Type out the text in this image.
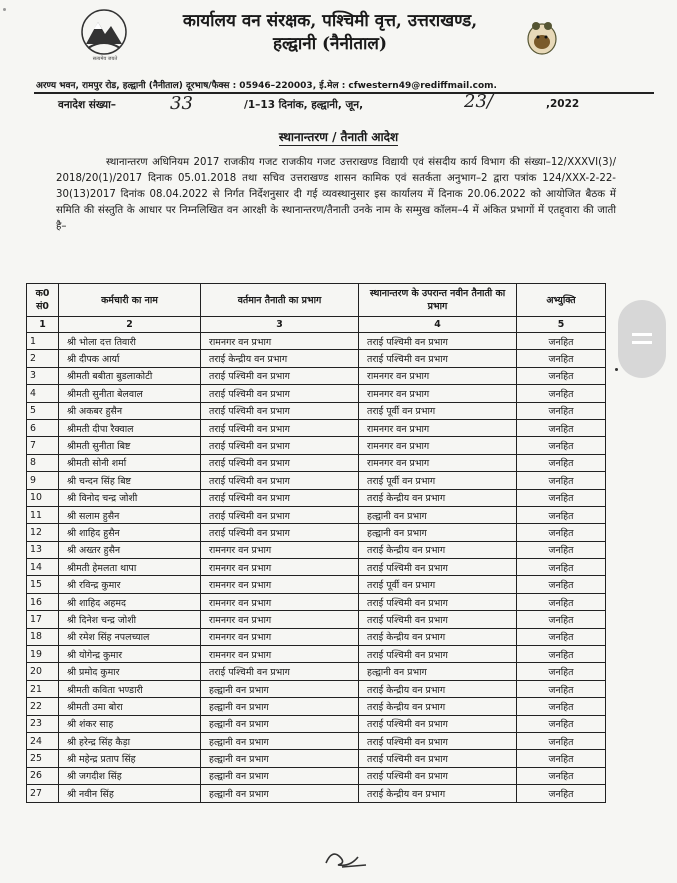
सत्यमेव जयते
कार्यालय वन संरक्षक, पश्चिमी वृत्त, उत्तराखण्ड,
हल्द्वानी (नैनीताल)
अरण्य भवन, रामपुर रोड, हल्द्वानी (नैनीताल) दूरभाष/फैक्स : 05946–220003, ई.मेल : cfwestern49@rediffmail.com.
वनादेश संख्या–	33	/1–13 दिनांक, हल्द्वानी, जून,	23/	,2022
स्थानान्तरण / तैनाती आदेश

स्थानान्तरण अधिनियम 2017 राजकीय गजट राजकीय गजट उत्तराखण्ड विद्यायी एवं संसदीय कार्य विभाग की संख्या–12/XXXVI(3)/ 2018/20(1)/2017 दिनाक 05.01.2018 तथा सचिव उत्तराखण्ड शासन कामिक एवं सतर्कता अनुभाग–2 द्वारा पत्रांक 124/XXX-2-22-30(13)2017 दिनांक 08.04.2022 से निर्गत निर्देशनुसार दी गई व्यवस्थानुसार इस कार्यालय में दिनाक 20.06.2022 को आयोजित बैठक में समिति की संस्तुति के आधार पर निम्नलिखित वन आरक्षी के स्थानान्तरण/तैनाती उनके नाम के सम्मुख कॉलम–4 में अंकित प्रभागों में एतद्द्वारा की जाती है–

क0 सं0	कर्मचारी का नाम	वर्तमान तैनाती का प्रभाग	स्थानान्तरण के उपरान्त नवीन तैनाती का प्रभाग	अभ्युक्ति
1	2	3	4	5
1	श्री भोला दत्त तिवारी	रामनगर वन प्रभाग	तराई पश्चिमी वन प्रभाग	जनहित
2	श्री दीपक आर्या	तराई केन्द्रीय वन प्रभाग	तराई पश्चिमी वन प्रभाग	जनहित
3	श्रीमती बबीता बुडलाकोटी	तराई पश्चिमी वन प्रभाग	रामनगर वन प्रभाग	जनहित
4	श्रीमती सुनीता बेलवाल	तराई पश्चिमी वन प्रभाग	रामनगर वन प्रभाग	जनहित
5	श्री अकबर हुसैन	तराई पश्चिमी वन प्रभाग	तराई पूर्वी वन प्रभाग	जनहित
6	श्रीमती दीपा रैक्वाल	तराई पश्चिमी वन प्रभाग	रामनगर वन प्रभाग	जनहित
7	श्रीमती सुनीता बिष्ट	तराई पश्चिमी वन प्रभाग	रामनगर वन प्रभाग	जनहित
8	श्रीमती सोनी शर्मा	तराई पश्चिमी वन प्रभाग	रामनगर वन प्रभाग	जनहित
9	श्री चन्दन सिंह बिष्ट	तराई पश्चिमी वन प्रभाग	तराई पूर्वी वन प्रभाग	जनहित
10	श्री विनोद चन्द्र जोशी	तराई पश्चिमी वन प्रभाग	तराई केन्द्रीय वन प्रभाग	जनहित
11	श्री सलाम हुसैन	तराई पश्चिमी वन प्रभाग	हल्द्वानी वन प्रभाग	जनहित
12	श्री शाहिद हुसैन	तराई पश्चिमी वन प्रभाग	हल्द्वानी वन प्रभाग	जनहित
13	श्री अख्तर हुसैन	रामनगर वन प्रभाग	तराई केन्द्रीय वन प्रभाग	जनहित
14	श्रीमती हेमलता थापा	रामनगर वन प्रभाग	तराई पश्चिमी वन प्रभाग	जनहित
15	श्री रविन्द्र कुमार	रामनगर वन प्रभाग	तराई पूर्वी वन प्रभाग	जनहित
16	श्री शाहिद अहमद	रामनगर वन प्रभाग	तराई पश्चिमी वन प्रभाग	जनहित
17	श्री दिनेश चन्द्र जोशी	रामनगर वन प्रभाग	तराई पश्चिमी वन प्रभाग	जनहित
18	श्री रमेश सिंह नपलच्याल	रामनगर वन प्रभाग	तराई केन्द्रीय वन प्रभाग	जनहित
19	श्री योगेन्द्र कुमार	रामनगर वन प्रभाग	तराई पश्चिमी वन प्रभाग	जनहित
20	श्री प्रमोद कुमार	तराई पश्चिमी वन प्रभाग	हल्द्वानी वन प्रभाग	जनहित
21	श्रीमती कविता भण्डारी	हल्द्वानी वन प्रभाग	तराई केन्द्रीय वन प्रभाग	जनहित
22	श्रीमती उमा बोरा	हल्द्वानी वन प्रभाग	तराई केन्द्रीय वन प्रभाग	जनहित
23	श्री शंकर साह	हल्द्वानी वन प्रभाग	तराई पश्चिमी वन प्रभाग	जनहित
24	श्री हरेन्द्र सिंह कैड़ा	हल्द्वानी वन प्रभाग	तराई पश्चिमी वन प्रभाग	जनहित
25	श्री महेन्द्र प्रताप सिंह	हल्द्वानी वन प्रभाग	तराई पश्चिमी वन प्रभाग	जनहित
26	श्री जगदीश सिंह	हल्द्वानी वन प्रभाग	तराई पश्चिमी वन प्रभाग	जनहित
27	श्री नवीन सिंह	हल्द्वानी वन प्रभाग	तराई केन्द्रीय वन प्रभाग	जनहित
